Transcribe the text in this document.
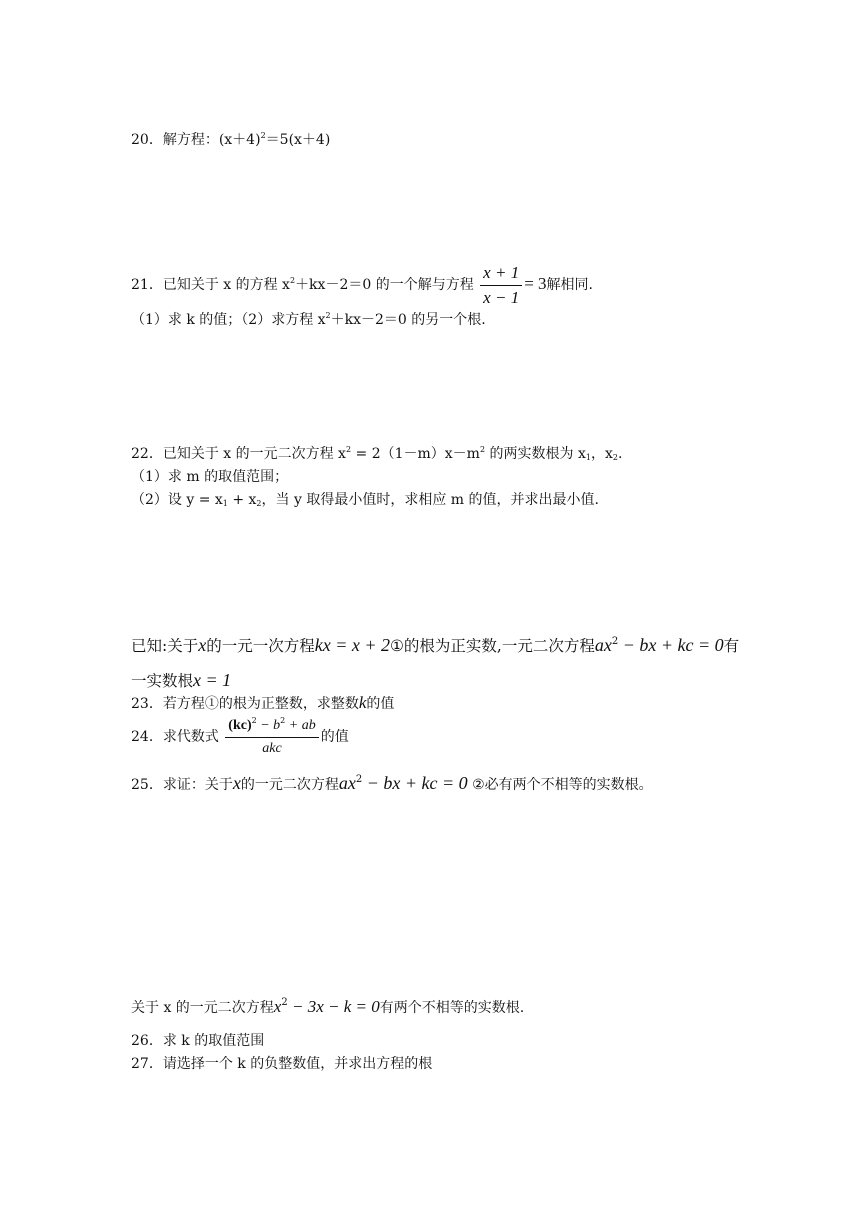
20．解方程：$(x+4)^2=5(x+4)$
21．已知关于 x 的方程 $x^2+kx-2=0$ 的一个解与方程 $\frac{x + 1}{x - 1} = 3$解相同.
（1）求 k 的值；（2）求方程 $x^2+kx-2=0$ 的另一个根.
22．已知关于 x 的一元二次方程 $x^2 = 2(1-m)x-m^2$ 的两实数根为 $x_1$，$x_2$.
（1）求 m 的取值范围；
（2）设 $y = x_1 + x_2$，当 y 取得最小值时，求相应 m 的值，并求出最小值.
已知:关于x的一元一次方程kx = x + 2①的根为正实数,一元二次方程$ax^2$ − bx + kc = 0有
一实数根x = 1
23．若方程①的根为正整数，求整数k的值
24．求代数式 $\frac{(kc)^2 - b^2 + ab}{\text{akc}}$ 的值
25．求证：关于x的一元二次方程$ax^2$ − bx + kc = 0 ②必有两个不相等的实数根。
关于 x 的一元二次方程$x^2 - 3x - k = 0$有两个不相等的实数根.
26．求 k 的取值范围
27．请选择一个 k 的负整数值，并求出方程的根
